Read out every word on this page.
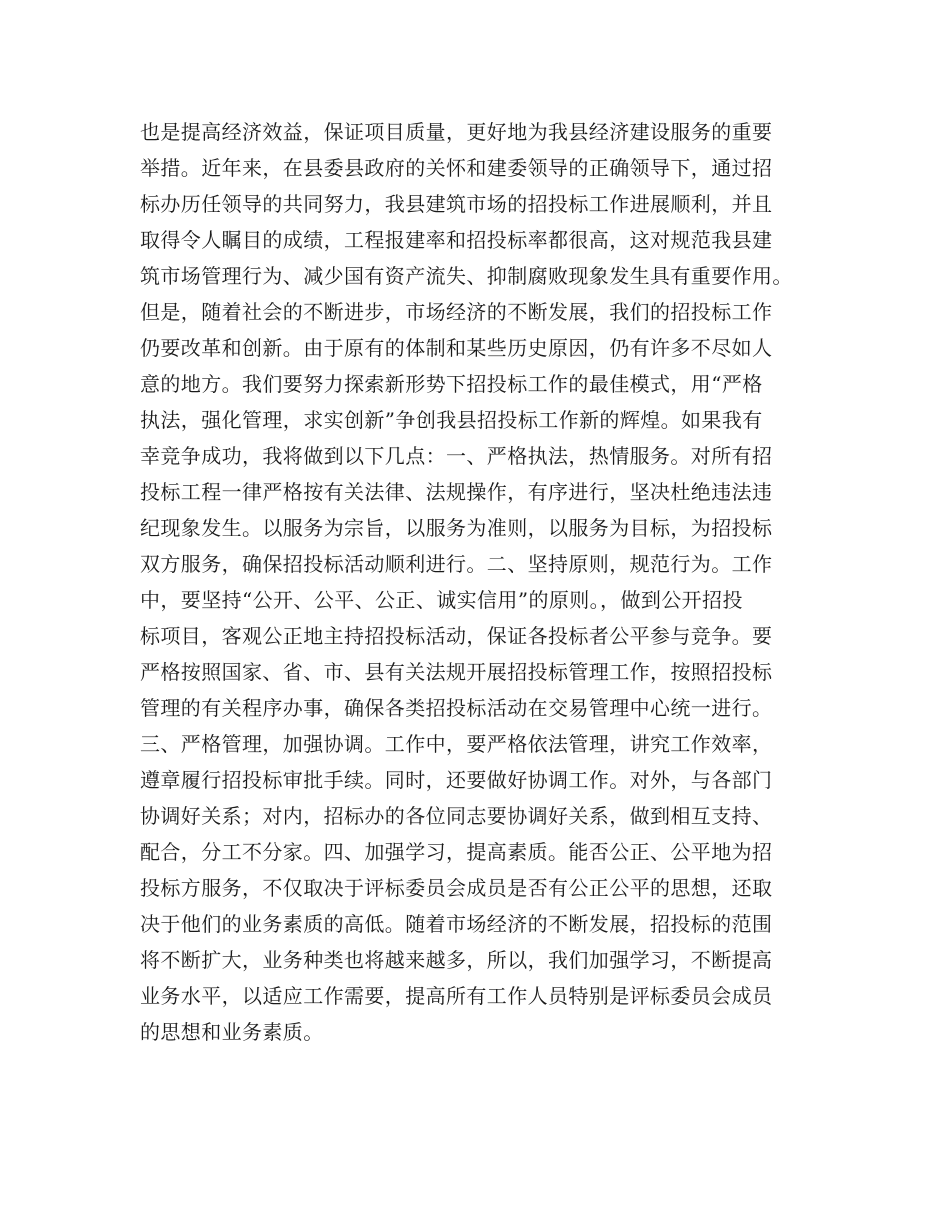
也是提高经济效益，保证项目质量，更好地为我县经济建设服务的重要
举措。近年来，在县委县政府的关怀和建委领导的正确领导下，通过招
标办历任领导的共同努力，我县建筑市场的招投标工作进展顺利，并且
取得令人瞩目的成绩，工程报建率和招投标率都很高，这对规范我县建
筑市场管理行为、减少国有资产流失、抑制腐败现象发生具有重要作用。
但是，随着社会的不断进步，市场经济的不断发展，我们的招投标工作
仍要改革和创新。由于原有的体制和某些历史原因，仍有许多不尽如人
意的地方。我们要努力探索新形势下招投标工作的最佳模式，用“严格
执法，强化管理，求实创新”争创我县招投标工作新的辉煌。如果我有
幸竞争成功，我将做到以下几点：一、严格执法，热情服务。对所有招
投标工程一律严格按有关法律、法规操作，有序进行，坚决杜绝违法违
纪现象发生。以服务为宗旨，以服务为准则，以服务为目标，为招投标
双方服务，确保招投标活动顺利进行。二、坚持原则，规范行为。工作
中，要坚持“公开、公平、公正、诚实信用”的原则。，做到公开招投
标项目，客观公正地主持招投标活动，保证各投标者公平参与竞争。要
严格按照国家、省、市、县有关法规开展招投标管理工作，按照招投标
管理的有关程序办事，确保各类招投标活动在交易管理中心统一进行。
三、严格管理，加强协调。工作中，要严格依法管理，讲究工作效率，
遵章履行招投标审批手续。同时，还要做好协调工作。对外，与各部门
协调好关系；对内，招标办的各位同志要协调好关系，做到相互支持、
配合，分工不分家。四、加强学习，提高素质。能否公正、公平地为招
投标方服务，不仅取决于评标委员会成员是否有公正公平的思想，还取
决于他们的业务素质的高低。随着市场经济的不断发展，招投标的范围
将不断扩大，业务种类也将越来越多，所以，我们加强学习，不断提高
业务水平，以适应工作需要，提高所有工作人员特别是评标委员会成员
的思想和业务素质。
